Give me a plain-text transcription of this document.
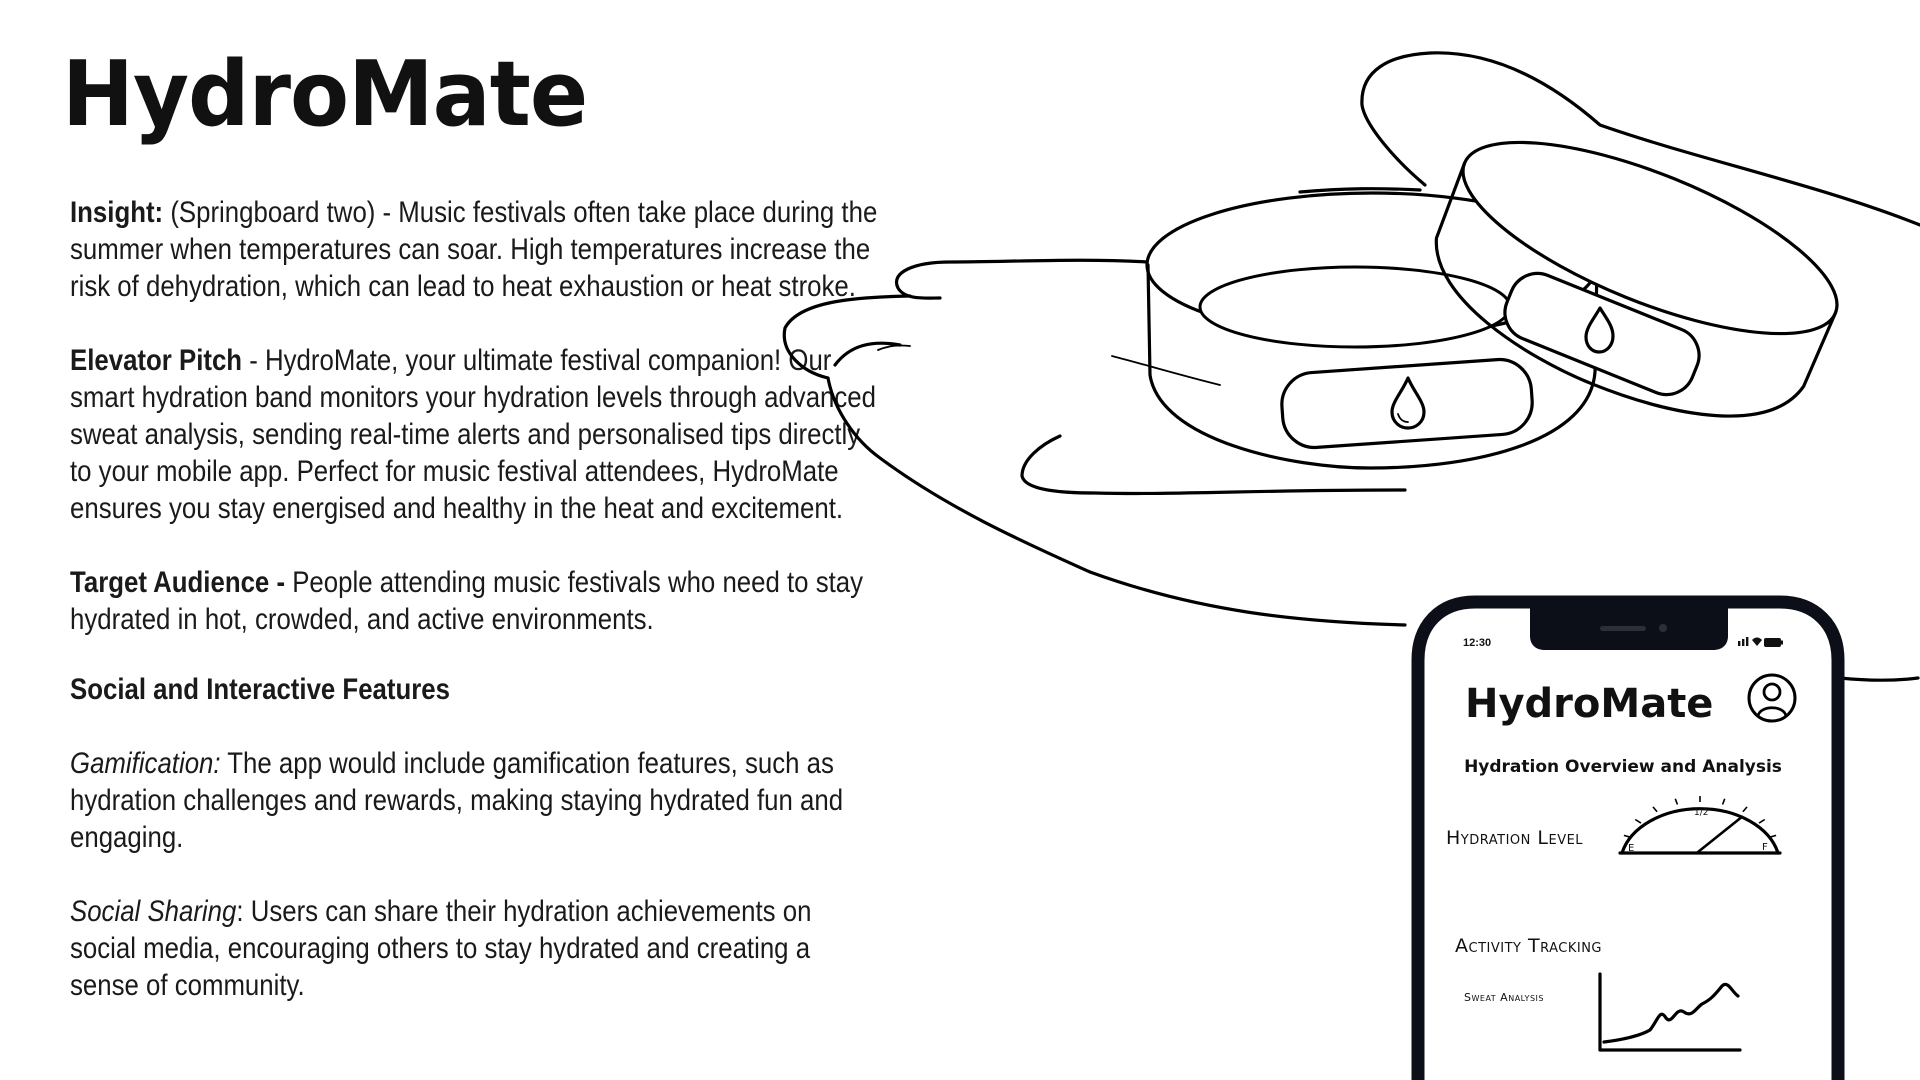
HydroMate

Insight: (Springboard two) - Music festivals often take place during the summer when temperatures can soar. High temperatures increase the risk of dehydration, which can lead to heat exhaustion or heat stroke.

Elevator Pitch - HydroMate, your ultimate festival companion! Our smart hydration band monitors your hydration levels through advanced sweat analysis, sending real-time alerts and personalised tips directly to your mobile app. Perfect for music festival attendees, HydroMate ensures you stay energised and healthy in the heat and excitement.

Target Audience - People attending music festivals who need to stay hydrated in hot, crowded, and active environments.

Social and Interactive Features

Gamification: The app would include gamification features, such as hydration challenges and rewards, making staying hydrated fun and engaging.

Social Sharing: Users can share their hydration achievements on social media, encouraging others to stay hydrated and creating a sense of community.

12:30
HydroMate
Hydration Overview and Analysis
Hydration Level	E
1/2
F
Activity Tracking
Sweat Analysis
